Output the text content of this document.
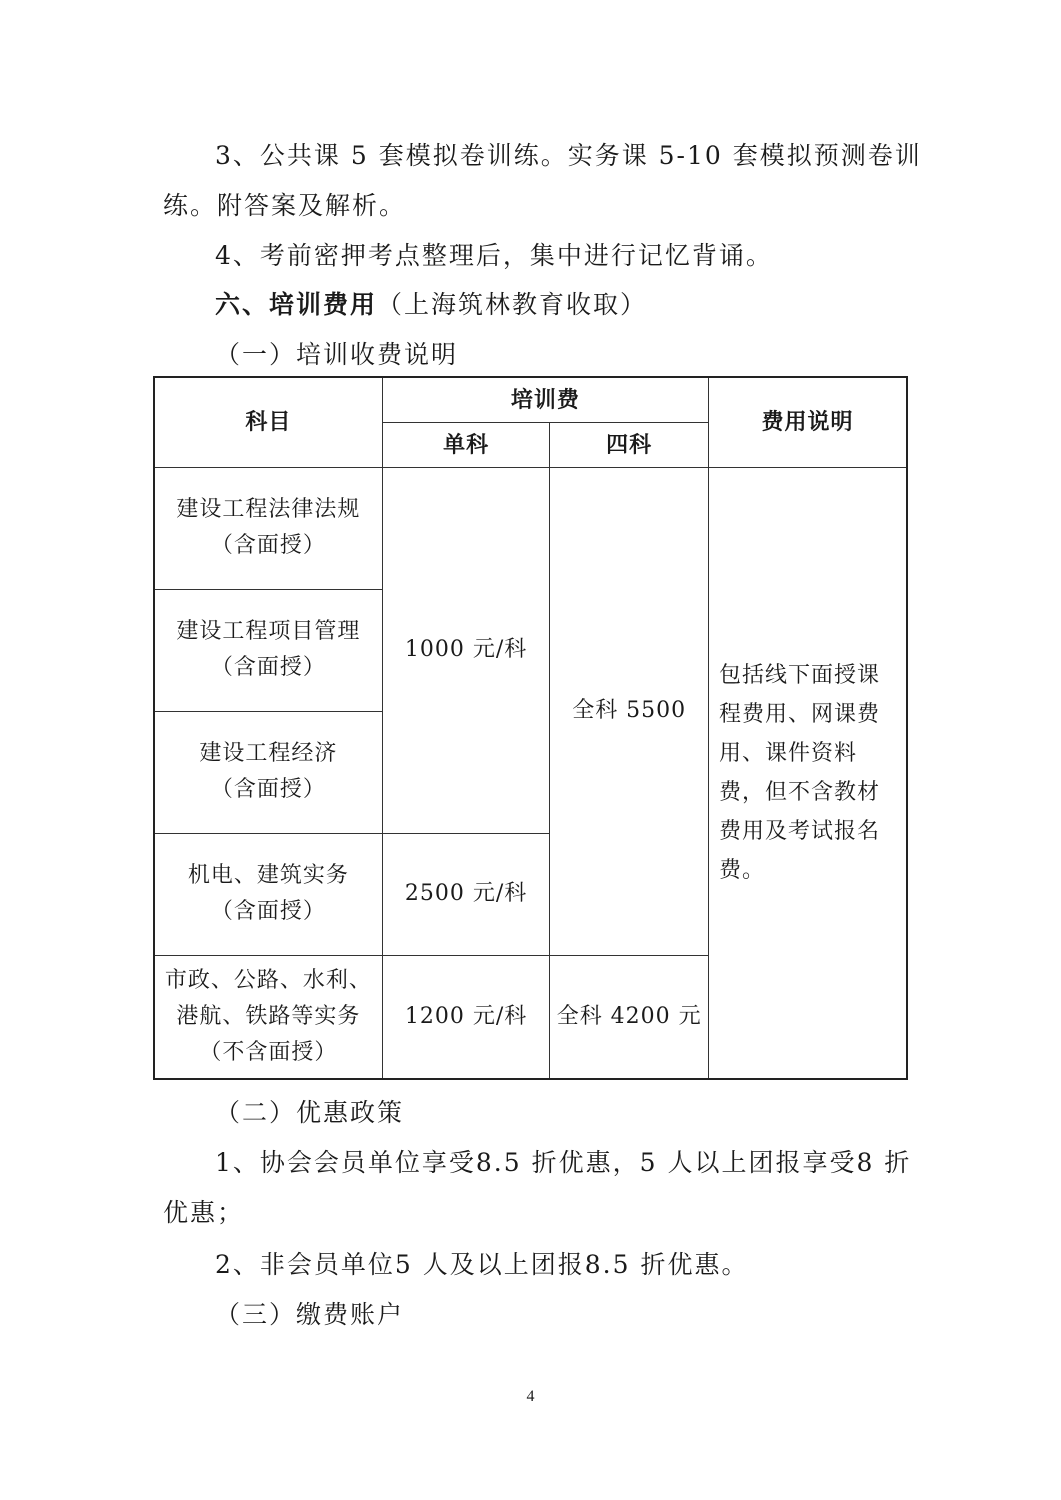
3、公共课 5 套模拟卷训练。实务课 5-10 套模拟预测卷训练。附答案及解析。

4、考前密押考点整理后，集中进行记忆背诵。

六、培训费用（上海筑林教育收取）

（一）培训收费说明

科目	培训费		费用说明
	单科	四科	

建设工程法律法规
（含面授）	1000 元/科	全科 5500	包括线下面授课程费用、网课费用、课件资料费，但不含教材费用及考试报名费。

建设工程项目管理
（含面授）			

建设工程经济
（含面授）			

机电、建筑实务
（含面授）	2500 元/科		

市政、公路、水利、
港航、铁路等实务
（不含面授）	1200 元/科	全科 4200 元	

（二）优惠政策

1、协会会员单位享受8.5 折优惠，5 人以上团报享受8 折优惠；

2、非会员单位5 人及以上团报8.5 折优惠。

（三）缴费账户

4
